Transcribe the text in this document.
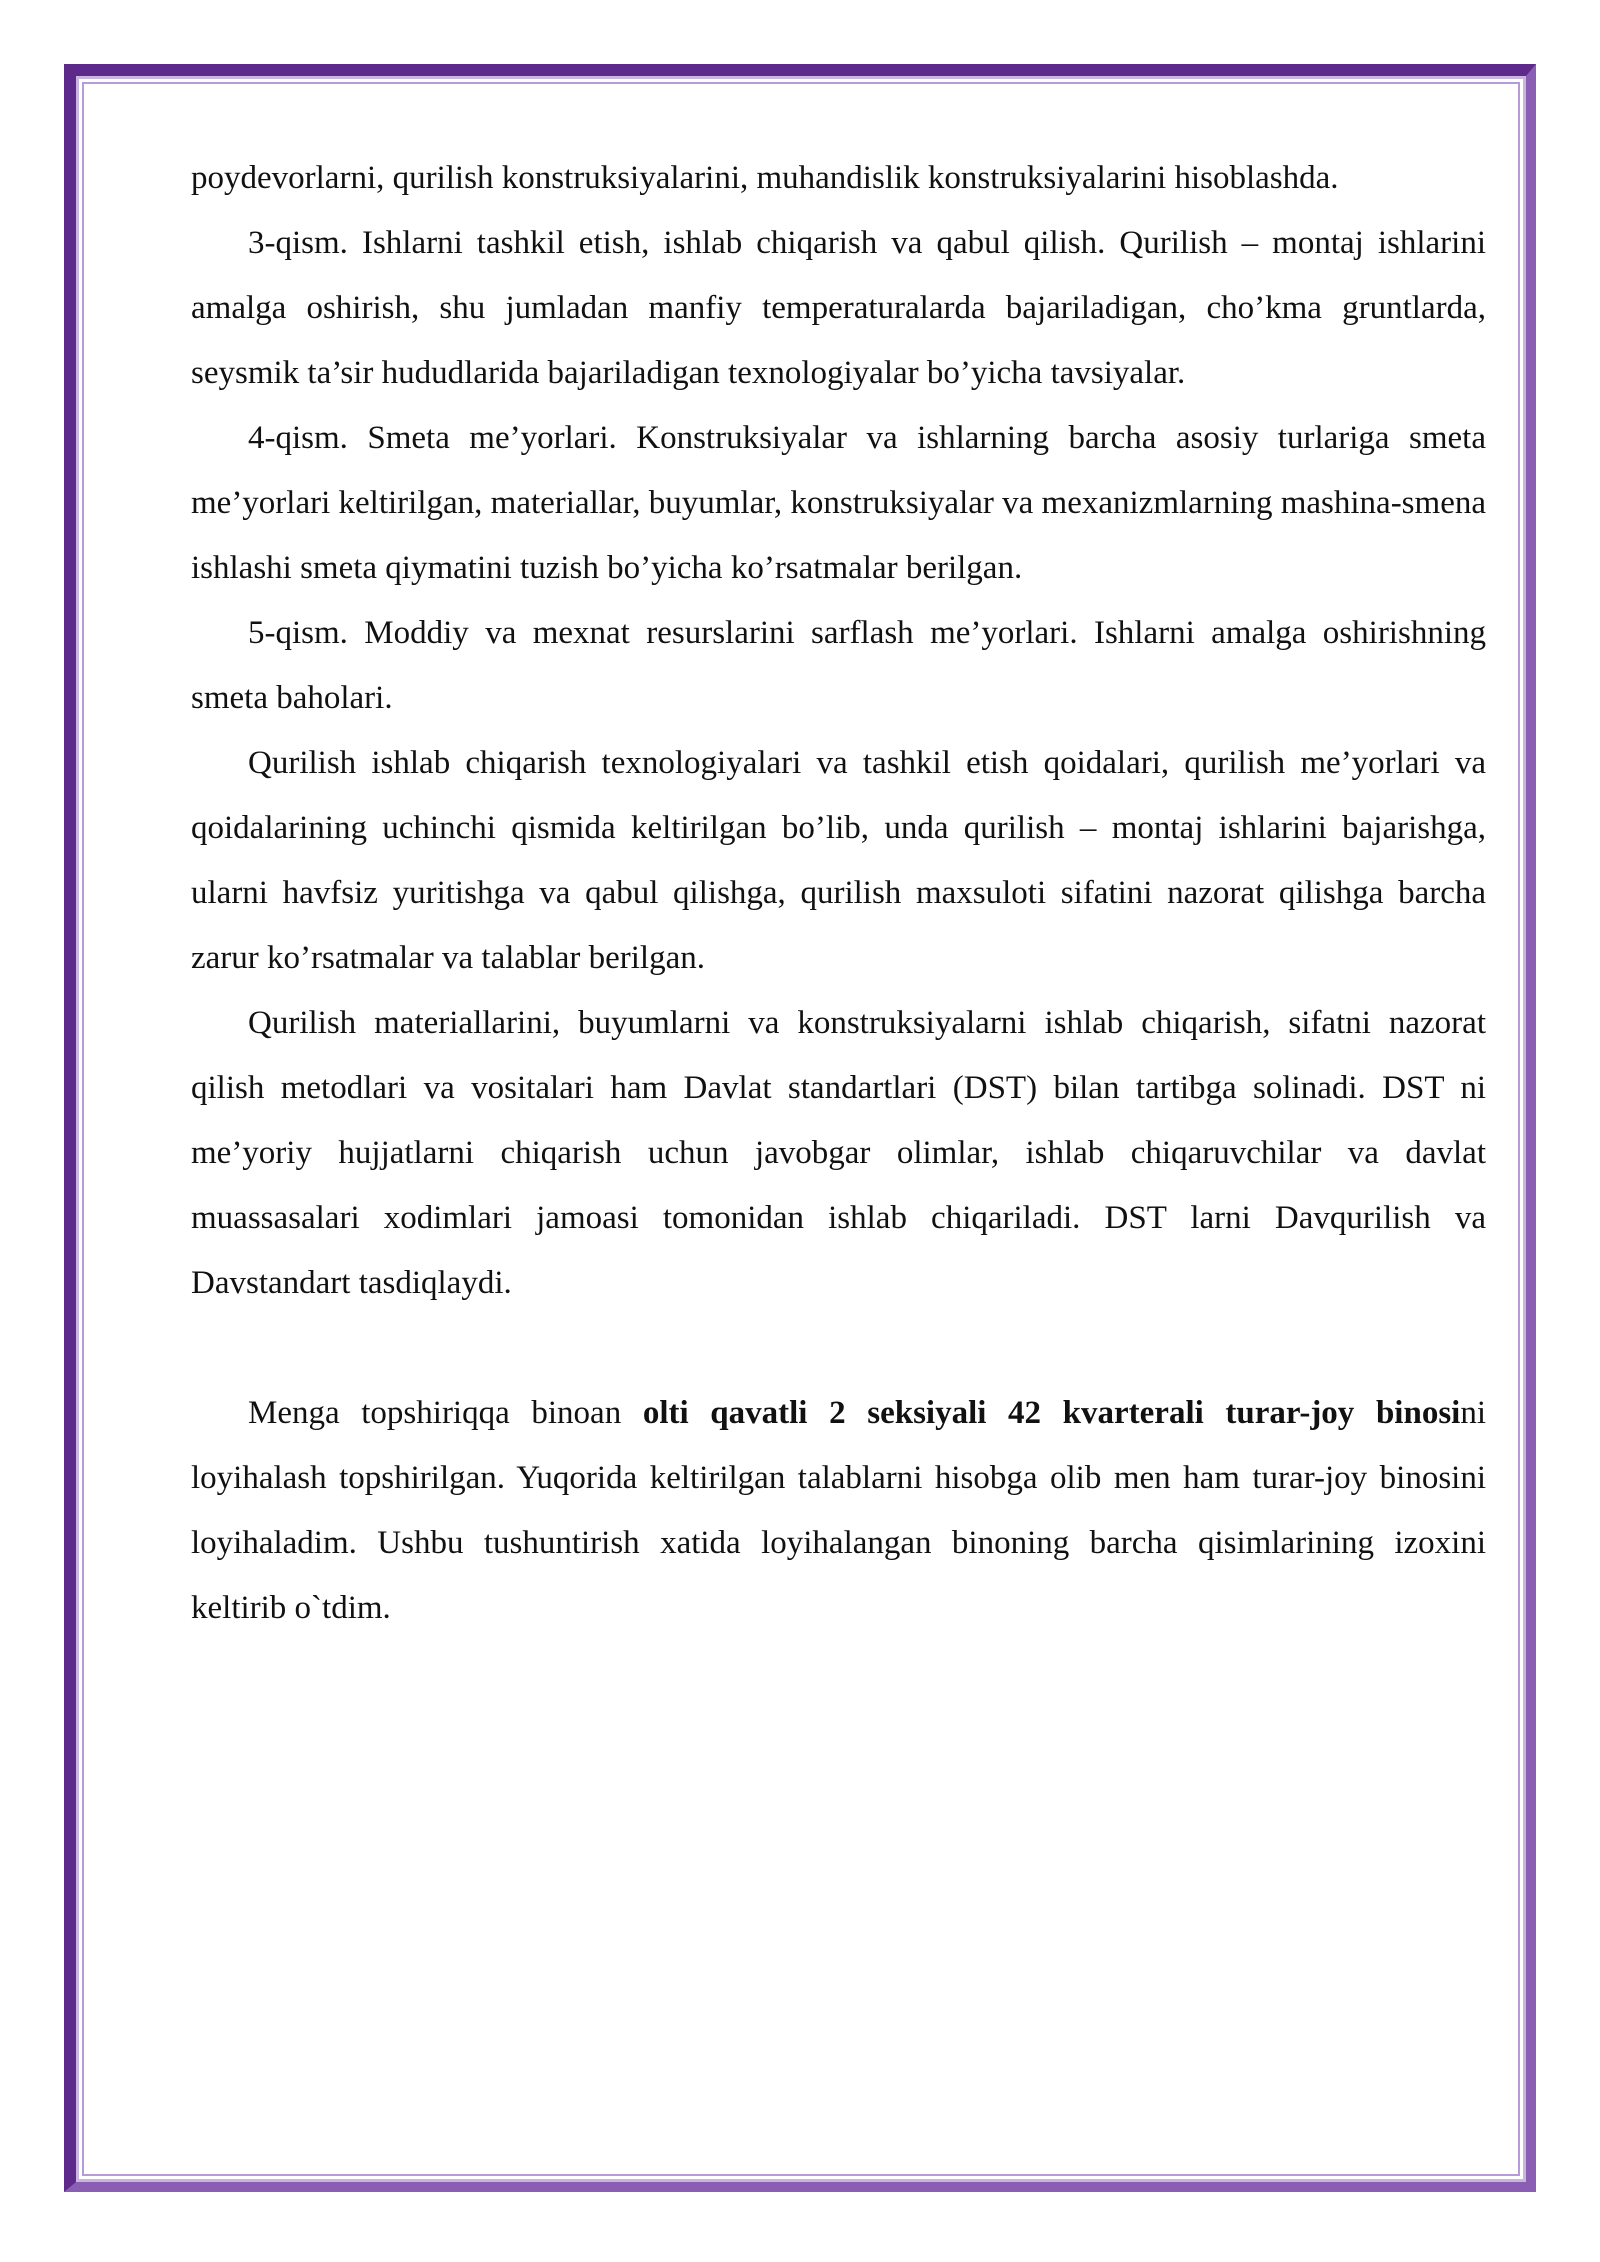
poydevorlarni, qurilish konstruksiyalarini, muhandislik konstruksiyalarini hisoblashda.

3-qism. Ishlarni tashkil etish, ishlab chiqarish va qabul qilish. Qurilish – montaj ishlarini amalga oshirish, shu jumladan manfiy temperaturalarda bajariladigan, cho’kma gruntlarda, seysmik ta’sir hududlarida bajariladigan texnologiyalar bo’yicha tavsiyalar.

4-qism. Smeta me’yorlari. Konstruksiyalar va ishlarning barcha asosiy turlariga smeta me’yorlari keltirilgan, materiallar, buyumlar, konstruksiyalar va mexanizmlarning mashina-smena ishlashi smeta qiymatini tuzish bo’yicha ko’rsatmalar berilgan.

5-qism. Moddiy va mexnat resurslarini sarflash me’yorlari. Ishlarni amalga oshirishning smeta baholari.

Qurilish ishlab chiqarish texnologiyalari va tashkil etish qoidalari, qurilish me’yorlari va qoidalarining uchinchi qismida keltirilgan bo’lib, unda qurilish – montaj ishlarini bajarishga, ularni havfsiz yuritishga va qabul qilishga, qurilish maxsuloti sifatini nazorat qilishga barcha zarur ko’rsatmalar va talablar berilgan.

Qurilish materiallarini, buyumlarni va konstruksiyalarni ishlab chiqarish, sifatni nazorat qilish metodlari va vositalari ham Davlat standartlari (DST) bilan tartibga solinadi. DST ni me’yoriy hujjatlarni chiqarish uchun javobgar olimlar, ishlab chiqaruvchilar va davlat muassasalari xodimlari jamoasi tomonidan ishlab chiqariladi. DST larni Davqurilish va Davstandart tasdiqlaydi.

Menga topshiriqqa binoan olti qavatli 2 seksiyali 42 kvarterali turar-joy binosini loyihalash topshirilgan. Yuqorida keltirilgan talablarni hisobga olib men ham turar-joy binosini loyihaladim. Ushbu tushuntirish xatida loyihalangan binoning barcha qisimlarining izoxini keltirib o`tdim.
